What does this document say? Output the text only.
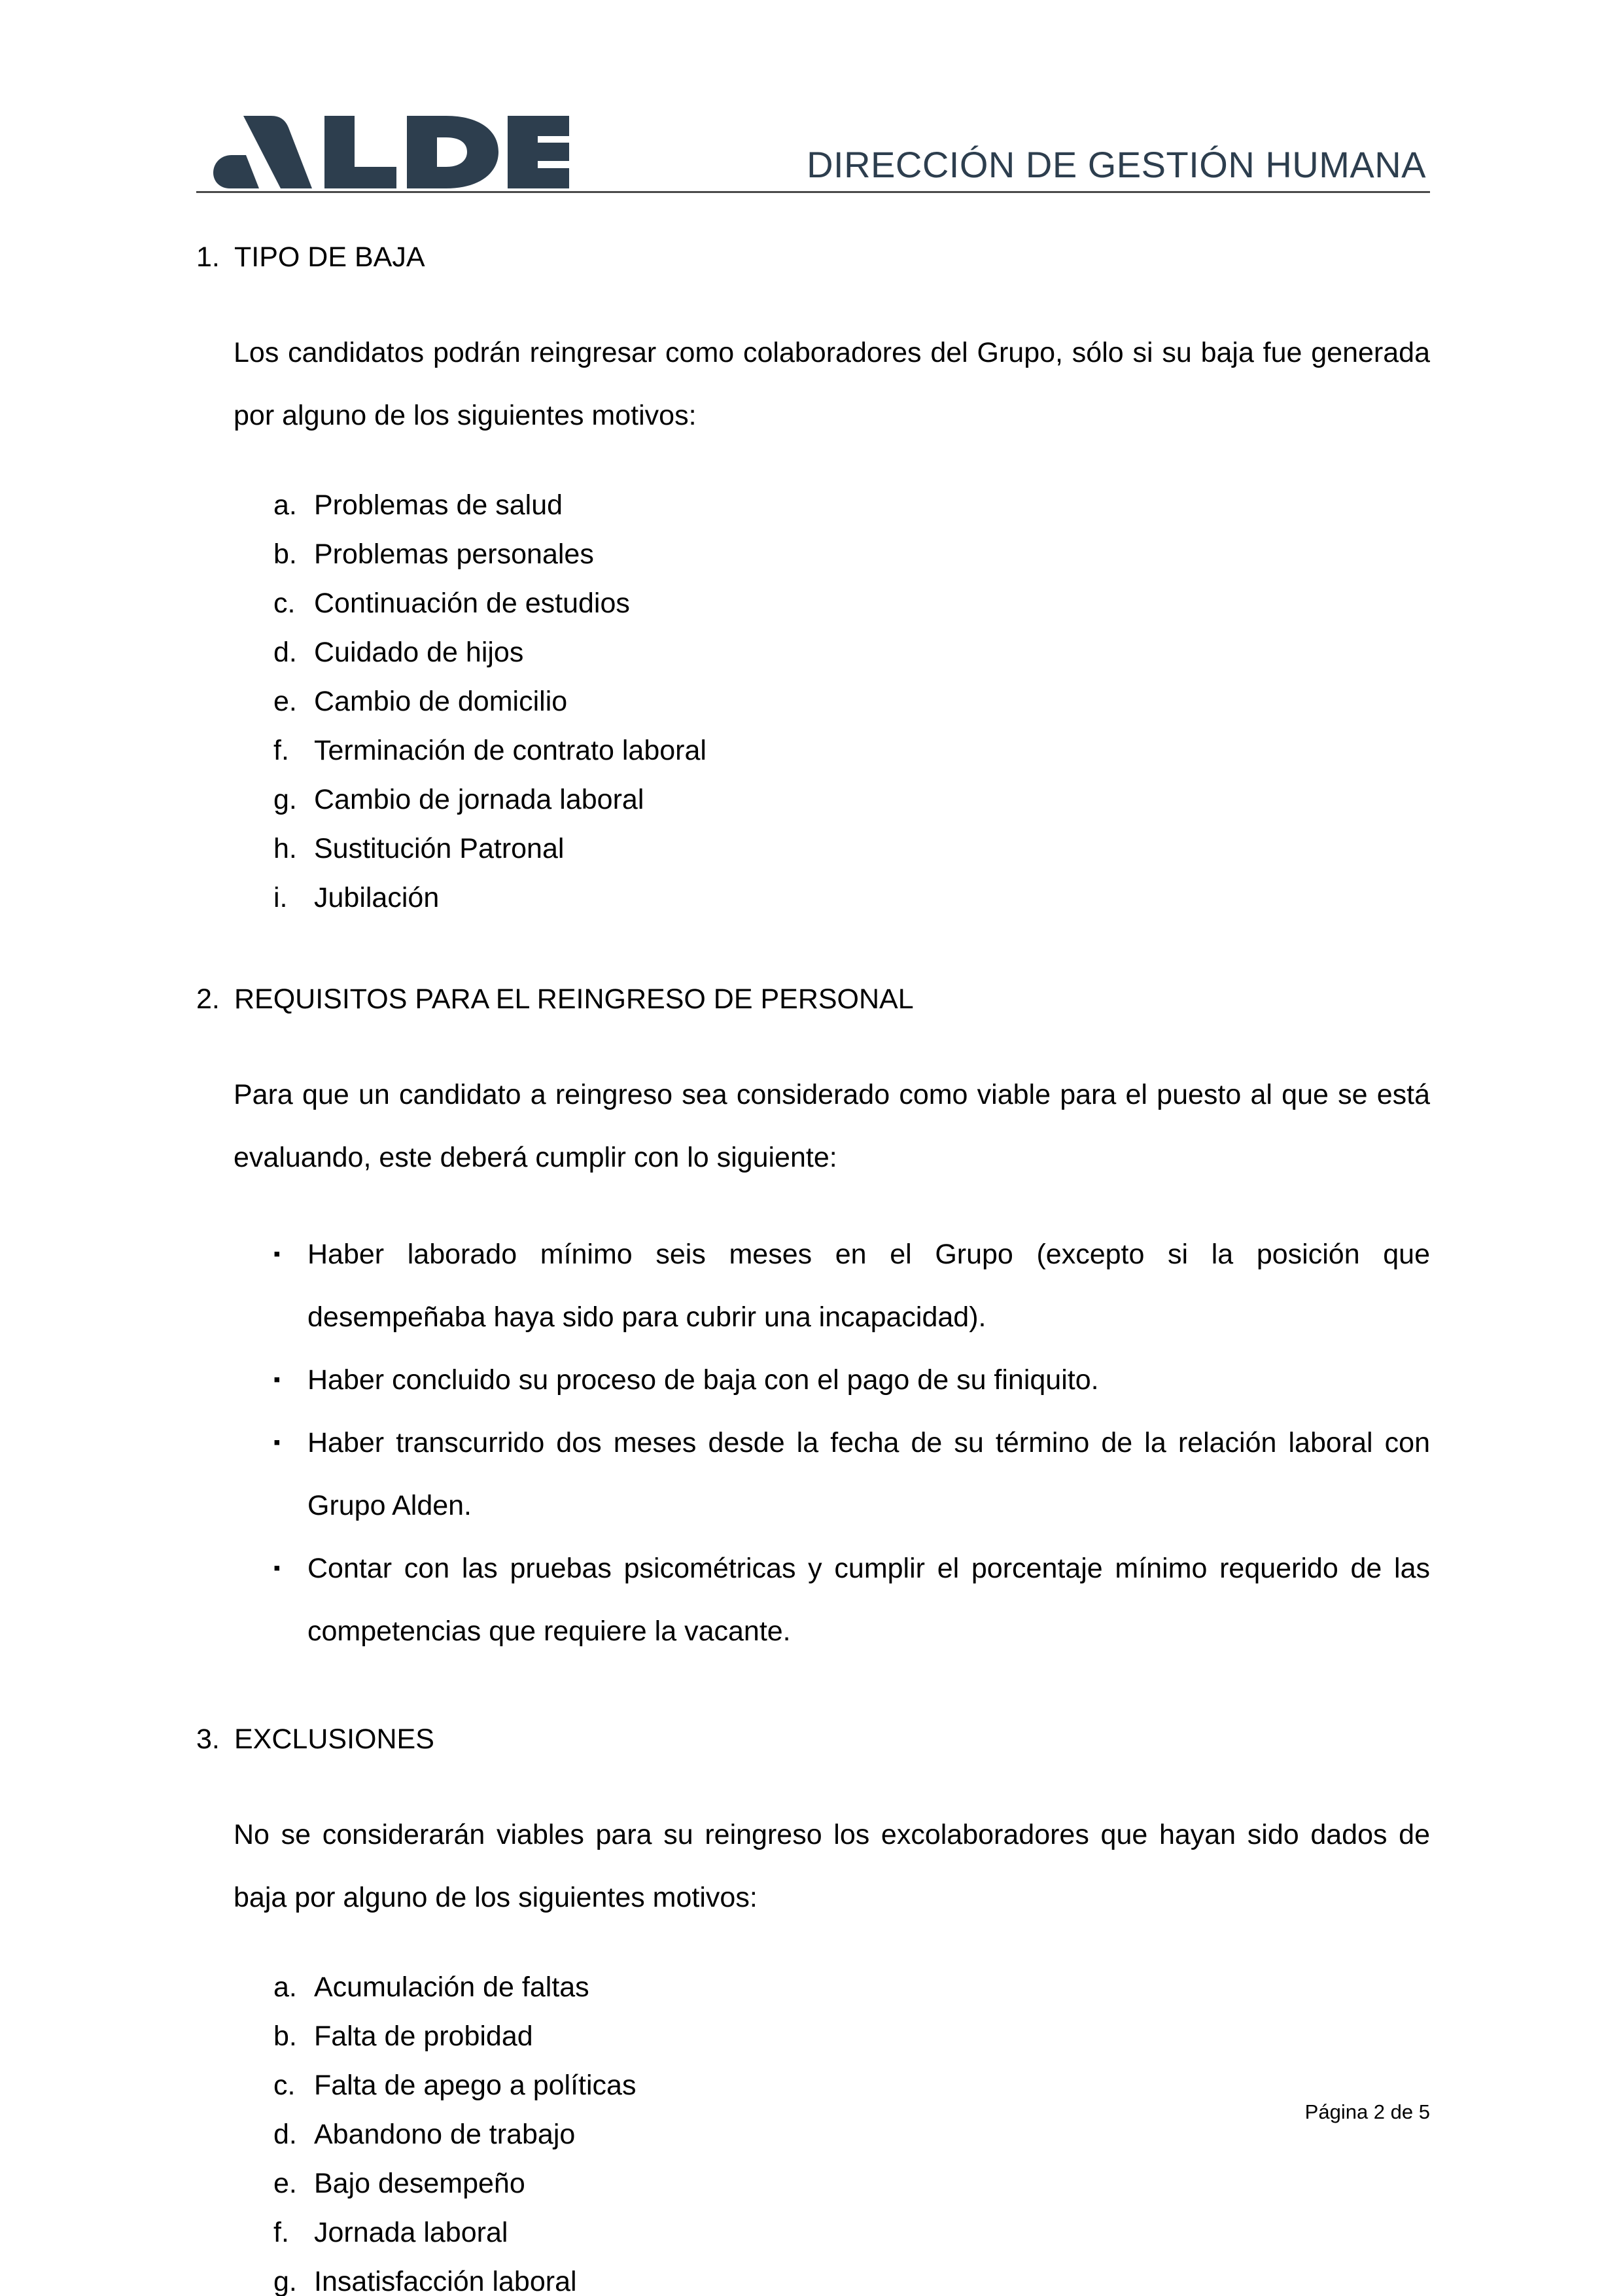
DIRECCIÓN DE GESTIÓN HUMANA
1. TIPO DE BAJA

Los candidatos podrán reingresar como colaboradores del Grupo, sólo si su baja fue generada por alguno de los siguientes motivos:

a. Problemas de salud
b. Problemas personales
c. Continuación de estudios
d. Cuidado de hijos
e. Cambio de domicilio
f. Terminación de contrato laboral
g. Cambio de jornada laboral
h. Sustitución Patronal
i. Jubilación
2. REQUISITOS PARA EL REINGRESO DE PERSONAL

Para que un candidato a reingreso sea considerado como viable para el puesto al que se está evaluando, este deberá cumplir con lo siguiente:

▪ Haber laborado mínimo seis meses en el Grupo (excepto si la posición que desempeñaba haya sido para cubrir una incapacidad).
▪ Haber concluido su proceso de baja con el pago de su finiquito.
▪ Haber transcurrido dos meses desde la fecha de su término de la relación laboral con Grupo Alden.
▪ Contar con las pruebas psicométricas y cumplir el porcentaje mínimo requerido de las competencias que requiere la vacante.
3. EXCLUSIONES

No se considerarán viables para su reingreso los excolaboradores que hayan sido dados de baja por alguno de los siguientes motivos:

a. Acumulación de faltas
b. Falta de probidad
c. Falta de apego a políticas
d. Abandono de trabajo
e. Bajo desempeño
f. Jornada laboral
g. Insatisfacción laboral
Página 2 de 5
